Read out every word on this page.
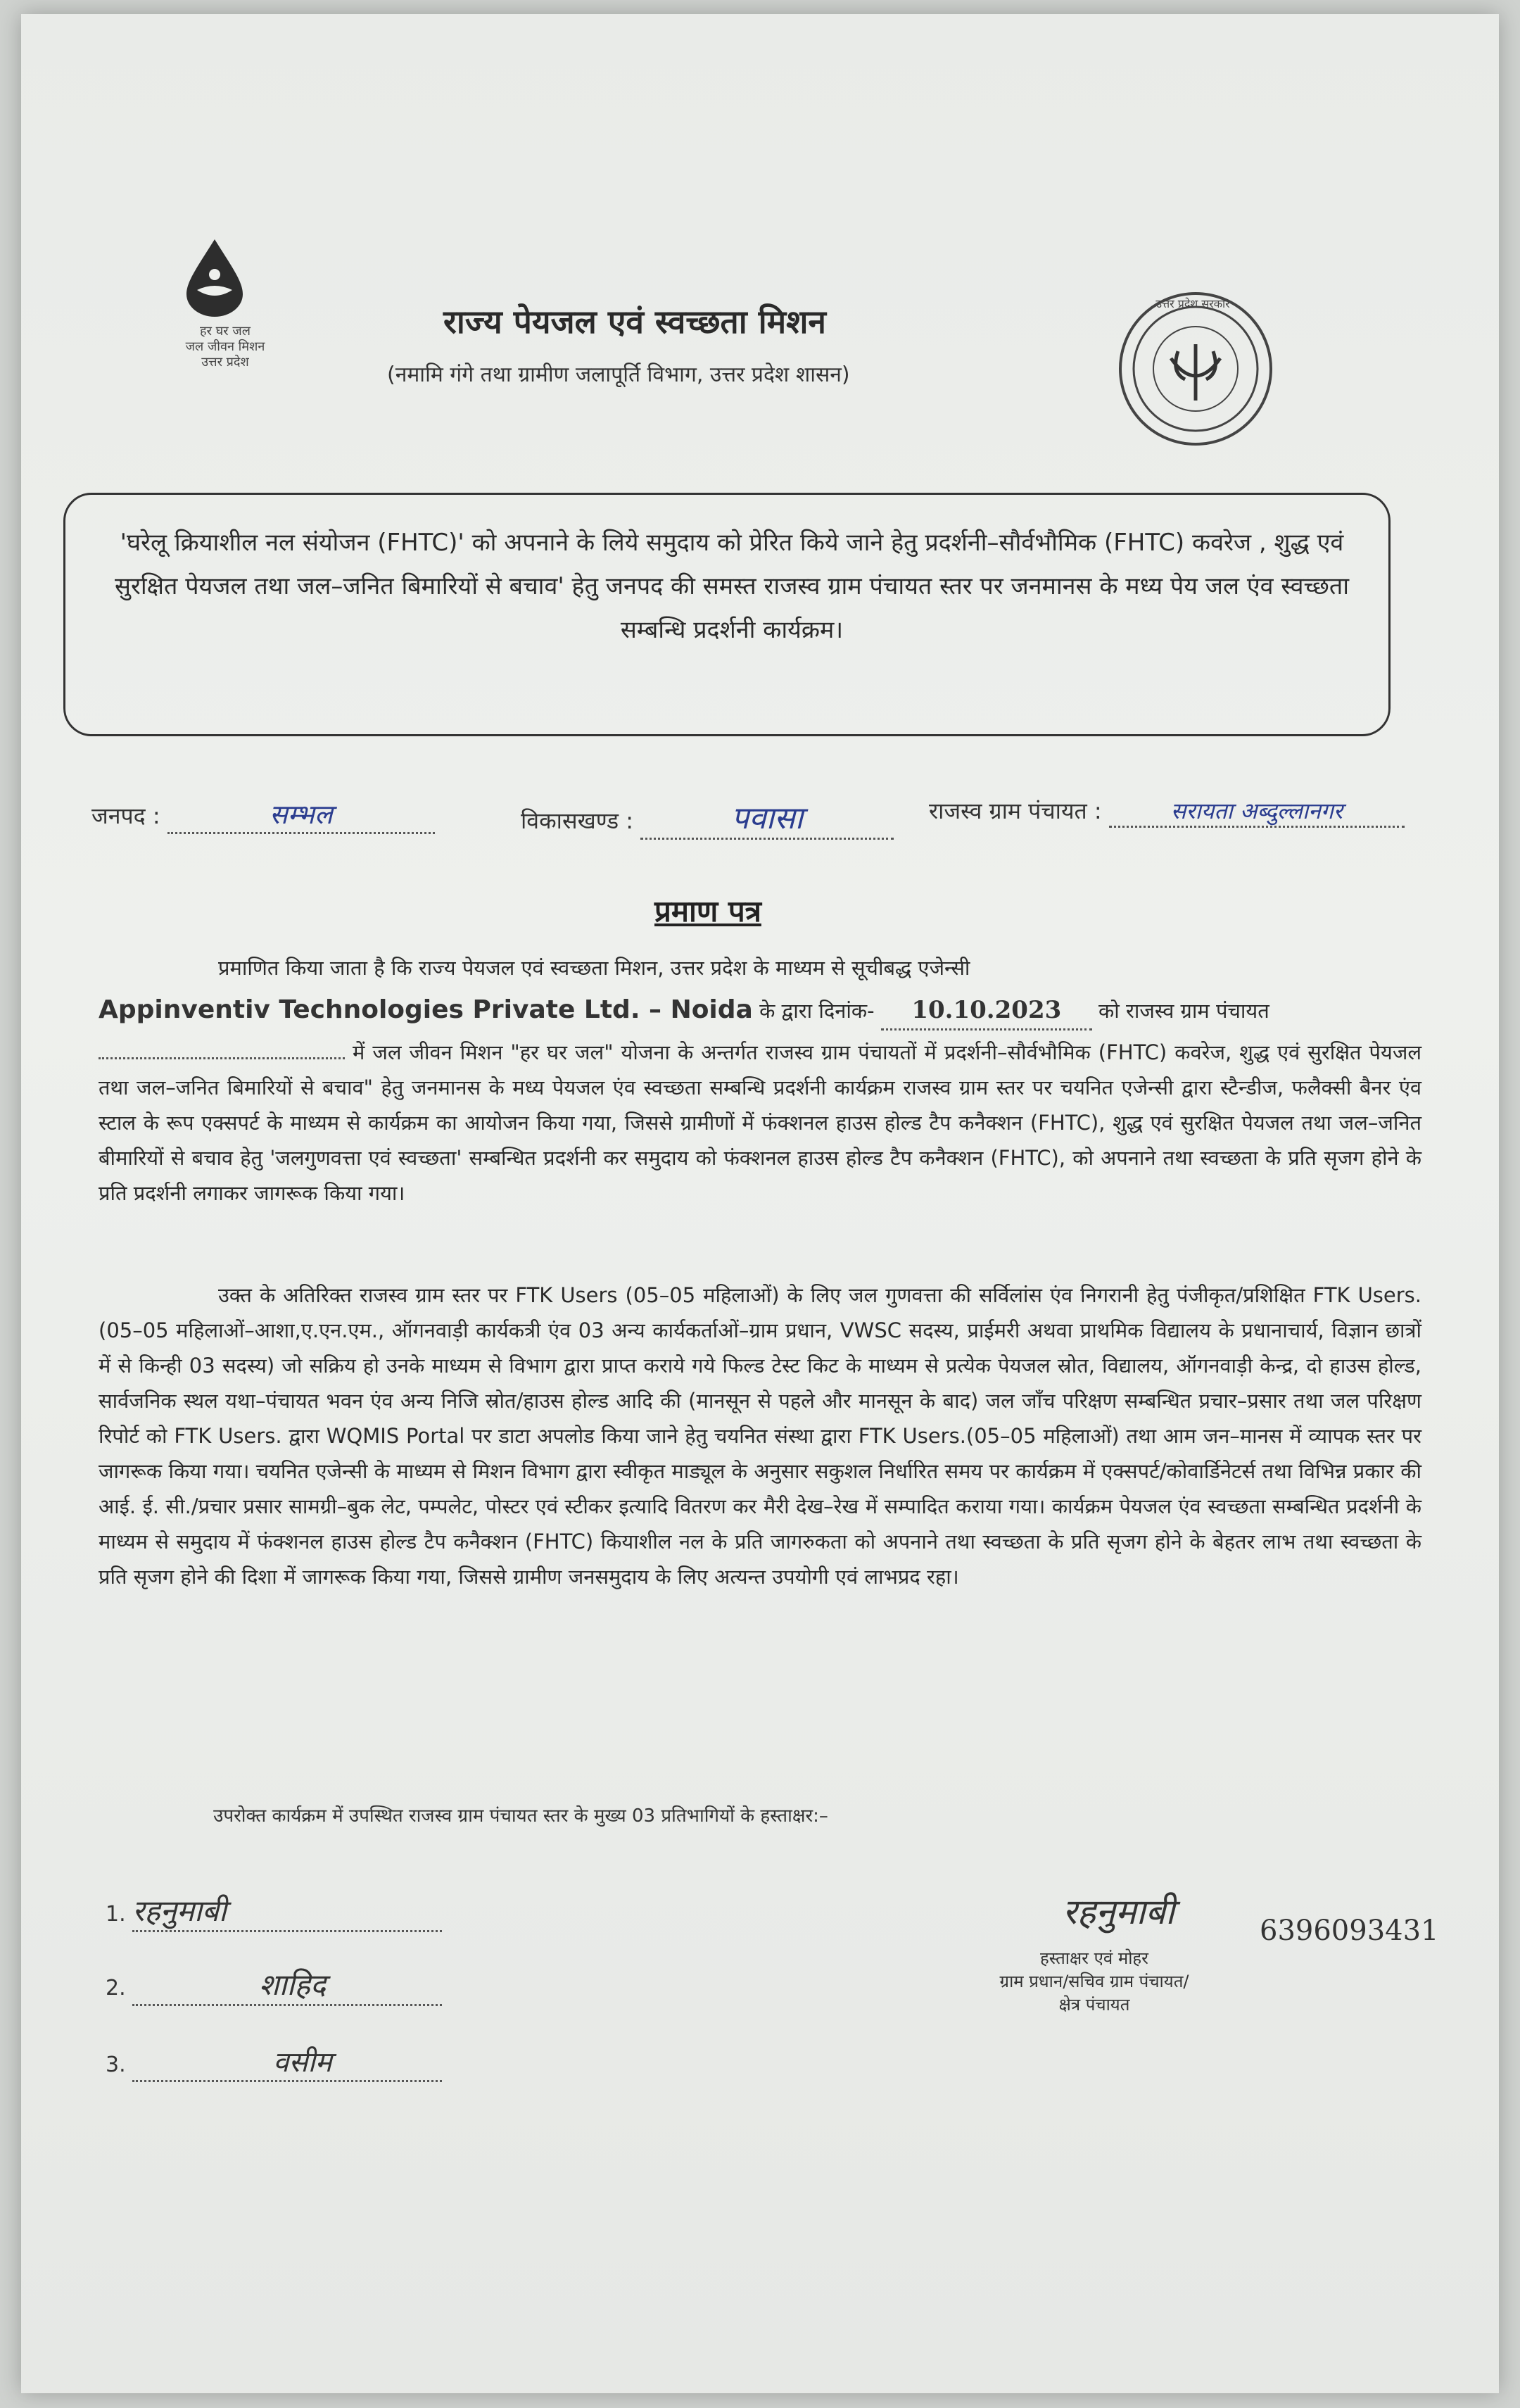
हर घर जल
जल जीवन मिशन
उत्तर प्रदेश
राज्य पेयजल एवं स्वच्छता मिशन
(नमामि गंगे तथा ग्रामीण जलापूर्ति विभाग, उत्तर प्रदेश शासन)
उत्तर प्रदेश सरकार
'घरेलू क्रियाशील नल संयोजन (FHTC)' को अपनाने के लिये समुदाय को प्रेरित किये जाने हेतु प्रदर्शनी–सौर्वभौमिक (FHTC) कवरेज , शुद्ध एवं सुरक्षित पेयजल तथा जल–जनित बिमारियों से बचाव' हेतु जनपद की समस्त राजस्व ग्राम पंचायत स्तर पर जनमानस के मध्य पेय जल एंव स्वच्छता सम्बन्धि प्रदर्शनी कार्यक्रम।
जनपद :	सम्भल	विकासखण्ड :	पवासा	राजस्व ग्राम पंचायत :	सरायता अब्दुल्लानगर
प्रमाण पत्र
प्रमाणित किया जाता है कि राज्य पेयजल एवं स्वच्छता मिशन, उत्तर प्रदेश के माध्यम से सूचीबद्ध एजेन्सी
Appinventiv Technologies Private Ltd. – Noida के द्वारा दिनांक- 10.10.2023 को राजस्व ग्राम पंचायत
में जल जीवन मिशन "हर घर जल" योजना के अन्तर्गत राजस्व ग्राम पंचायतों में प्रदर्शनी–सौर्वभौमिक (FHTC) कवरेज, शुद्ध एवं सुरक्षित पेयजल तथा जल–जनित बिमारियों से बचाव" हेतु जनमानस के मध्य पेयजल एंव स्वच्छता सम्बन्धि प्रदर्शनी कार्यक्रम राजस्व ग्राम स्तर पर चयनित एजेन्सी द्वारा स्टैन्डीज, फलैक्सी बैनर एंव स्टाल के रूप एक्सपर्ट के माध्यम से कार्यक्रम का आयोजन किया गया, जिससे ग्रामीणों में फंक्शनल हाउस होल्ड टैप कनैक्शन (FHTC), शुद्ध एवं सुरक्षित पेयजल तथा जल–जनित बीमारियों से बचाव हेतु 'जलगुणवत्ता एवं स्वच्छता' सम्बन्धित प्रदर्शनी कर समुदाय को फंक्शनल हाउस होल्ड टैप कनैक्शन (FHTC), को अपनाने तथा स्वच्छता के प्रति सृजग होने के प्रति प्रदर्शनी लगाकर जागरूक किया गया।
उक्त के अतिरिक्त राजस्व ग्राम स्तर पर FTK Users (05–05 महिलाओं) के लिए जल गुणवत्ता की सर्विलांस एंव निगरानी हेतु पंजीकृत/प्रशिक्षित FTK Users.(05–05 महिलाओं–आशा,ए.एन.एम., ऑगनवाड़ी कार्यकत्री एंव 03 अन्य कार्यकर्ताओं–ग्राम प्रधान, VWSC सदस्य, प्राईमरी अथवा प्राथमिक विद्यालय के प्रधानाचार्य, विज्ञान छात्रों में से किन्ही 03 सदस्य) जो सक्रिय हो उनके माध्यम से विभाग द्वारा प्राप्त कराये गये फिल्ड टेस्ट किट के माध्यम से प्रत्येक पेयजल स्रोत, विद्यालय, ऑगनवाड़ी केन्द्र, दो हाउस होल्ड, सार्वजनिक स्थल यथा–पंचायत भवन एंव अन्य निजि स्रोत/हाउस होल्ड आदि की (मानसून से पहले और मानसून के बाद) जल जाँच परिक्षण सम्बन्धित प्रचार–प्रसार तथा जल परिक्षण रिपोर्ट को FTK Users. द्वारा WQMIS Portal पर डाटा अपलोड किया जाने हेतु चयनित संस्था द्वारा FTK Users.(05–05 महिलाओं) तथा आम जन–मानस में व्यापक स्तर पर जागरूक किया गया। चयनित एजेन्सी के माध्यम से मिशन विभाग द्वारा स्वीकृत माड्यूल के अनुसार सकुशल निर्धारित समय पर कार्यक्रम में एक्सपर्ट/कोवार्डिनेटर्स तथा विभिन्न प्रकार की आई. ई. सी./प्रचार प्रसार सामग्री–बुक लेट, पम्पलेट, पोस्टर एवं स्टीकर इत्यादि वितरण कर मैरी देख–रेख में सम्पादित कराया गया। कार्यक्रम पेयजल एंव स्वच्छता सम्बन्धित प्रदर्शनी के माध्यम से समुदाय में फंक्शनल हाउस होल्ड टैप कनैक्शन (FHTC) कियाशील नल के प्रति जागरुकता को अपनाने तथा स्वच्छता के प्रति सृजग होने के बेहतर लाभ तथा स्वच्छता के प्रति सृजग होने की दिशा में जागरूक किया गया, जिससे ग्रामीण जनसमुदाय के लिए अत्यन्त उपयोगी एवं लाभप्रद रहा।
उपरोक्त कार्यक्रम में उपस्थित राजस्व ग्राम पंचायत स्तर के मुख्य 03 प्रतिभागियों के हस्ताक्षर:–
1. रहनुमाबी
2.	शाहिद
3.	वसीम
रहनुमाबी	6396093431
हस्ताक्षर एवं मोहर
ग्राम प्रधान/सचिव ग्राम पंचायत/
क्षेत्र पंचायत
